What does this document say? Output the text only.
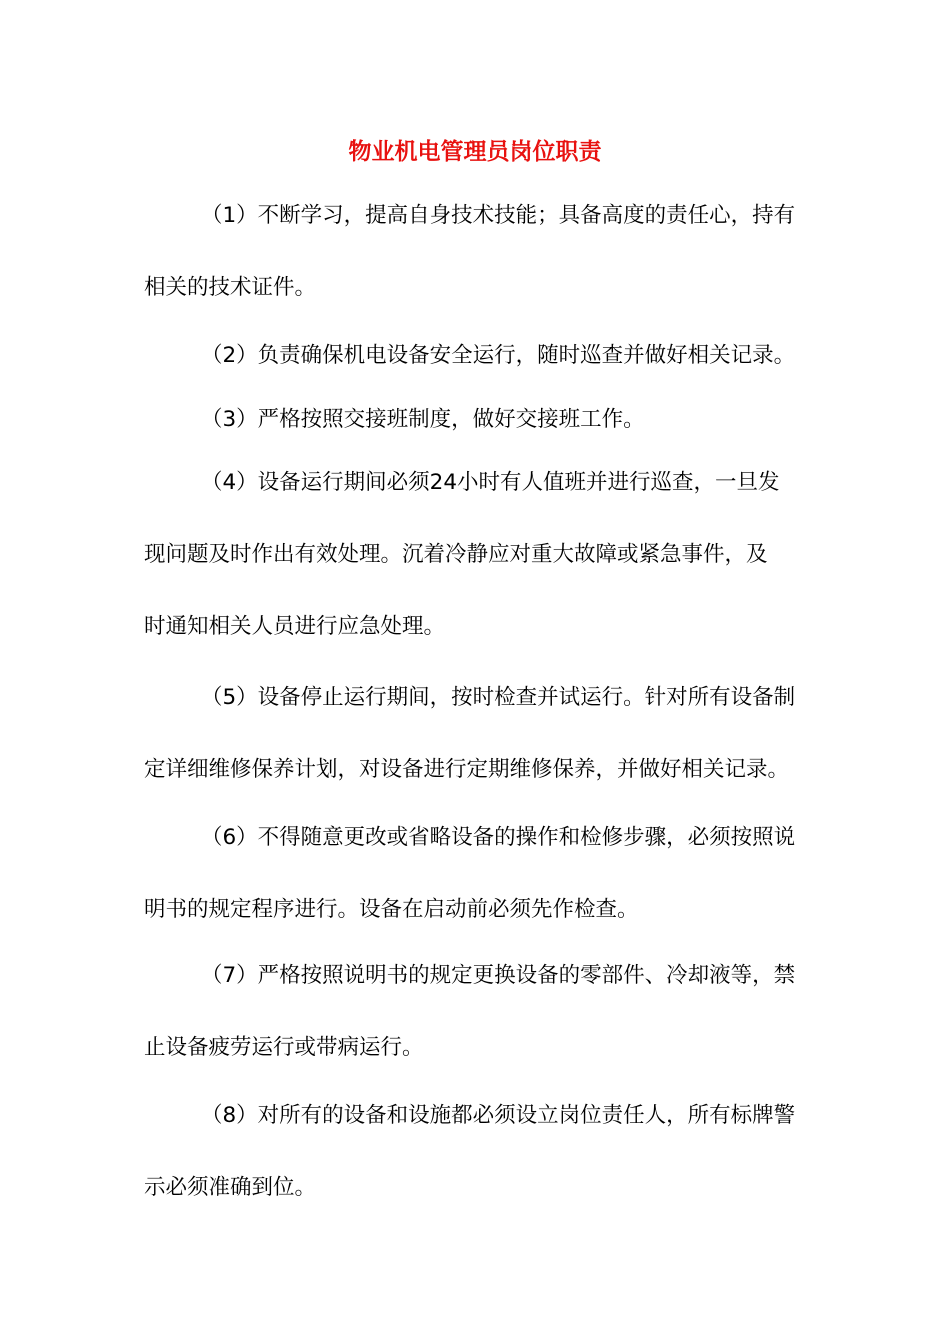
物业机电管理员岗位职责

（1）不断学习，提高自身技术技能；具备高度的责任心，持有
相关的技术证件。

（2）负责确保机电设备安全运行，随时巡查并做好相关记录。

（3）严格按照交接班制度，做好交接班工作。

（4）设备运行期间必须24小时有人值班并进行巡查，一旦发
现问题及时作出有效处理。沉着冷静应对重大故障或紧急事件，及
时通知相关人员进行应急处理。

（5）设备停止运行期间，按时检查并试运行。针对所有设备制
定详细维修保养计划，对设备进行定期维修保养，并做好相关记录。

（6）不得随意更改或省略设备的操作和检修步骤，必须按照说
明书的规定程序进行。设备在启动前必须先作检查。

（7）严格按照说明书的规定更换设备的零部件、冷却液等，禁
止设备疲劳运行或带病运行。

（8）对所有的设备和设施都必须设立岗位责任人，所有标牌警
示必须准确到位。
